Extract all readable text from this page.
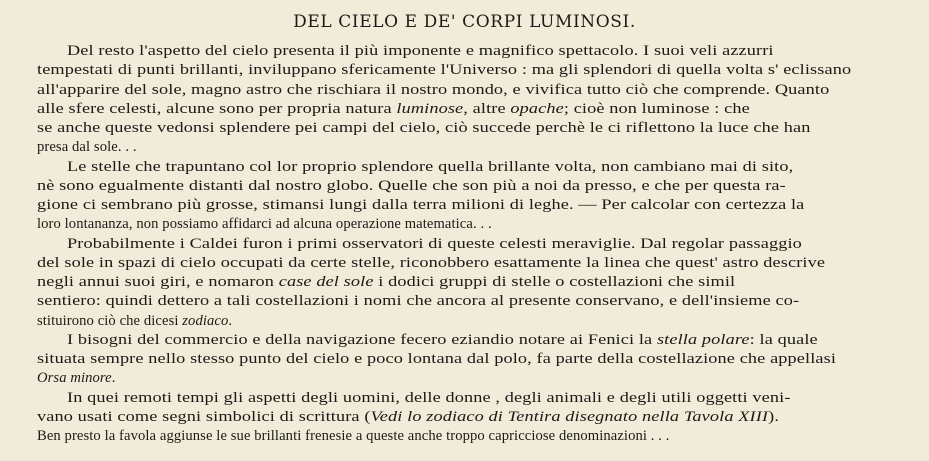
DEL CIELO E DE' CORPI LUMINOSI.
Del resto l'aspetto del cielo presenta il più imponente e magnifico spettacolo. I suoi veli azzurri
tempestati di punti brillanti, inviluppano sfericamente l'Universo : ma gli splendori di quella volta s' eclissano
all'apparire del sole, magno astro che rischiara il nostro mondo, e vivifica tutto ciò che comprende. Quanto
alle sfere celesti, alcune sono per propria natura luminose, altre opache; cioè non luminose : che
se anche queste vedonsi splendere pei campi del cielo, ciò succede perchè le ci riflettono la luce che han
presa dal sole. . .
Le stelle che trapuntano col lor proprio splendore quella brillante volta, non cambiano mai di sito,
nè sono egualmente distanti dal nostro globo. Quelle che son più a noi da presso, e che per questa ra-
gione ci sembrano più grosse, stimansi lungi dalla terra milioni di leghe. — Per calcolar con certezza la
loro lontananza, non possiamo affidarci ad alcuna operazione matematica. . .
Probabilmente i Caldei furon i primi osservatori di queste celesti meraviglie. Dal regolar passaggio
del sole in spazi di cielo occupati da certe stelle, riconobbero esattamente la linea che quest' astro descrive
negli annui suoi giri, e nomaron case del sole i dodici gruppi di stelle o costellazioni che simil
sentiero: quindi dettero a tali costellazioni i nomi che ancora al presente conservano, e dell'insieme co-
stituirono ciò che dicesi zodiaco.
I bisogni del commercio e della navigazione fecero eziandio notare ai Fenici la stella polare: la quale
situata sempre nello stesso punto del cielo e poco lontana dal polo, fa parte della costellazione che appellasi
Orsa minore.
In quei remoti tempi gli aspetti degli uomini, delle donne , degli animali e degli utili oggetti veni-
vano usati come segni simbolici di scrittura (Vedi lo zodiaco di Tentira disegnato nella Tavola XIII).
Ben presto la favola aggiunse le sue brillanti frenesie a queste anche troppo capricciose denominazioni . . .
